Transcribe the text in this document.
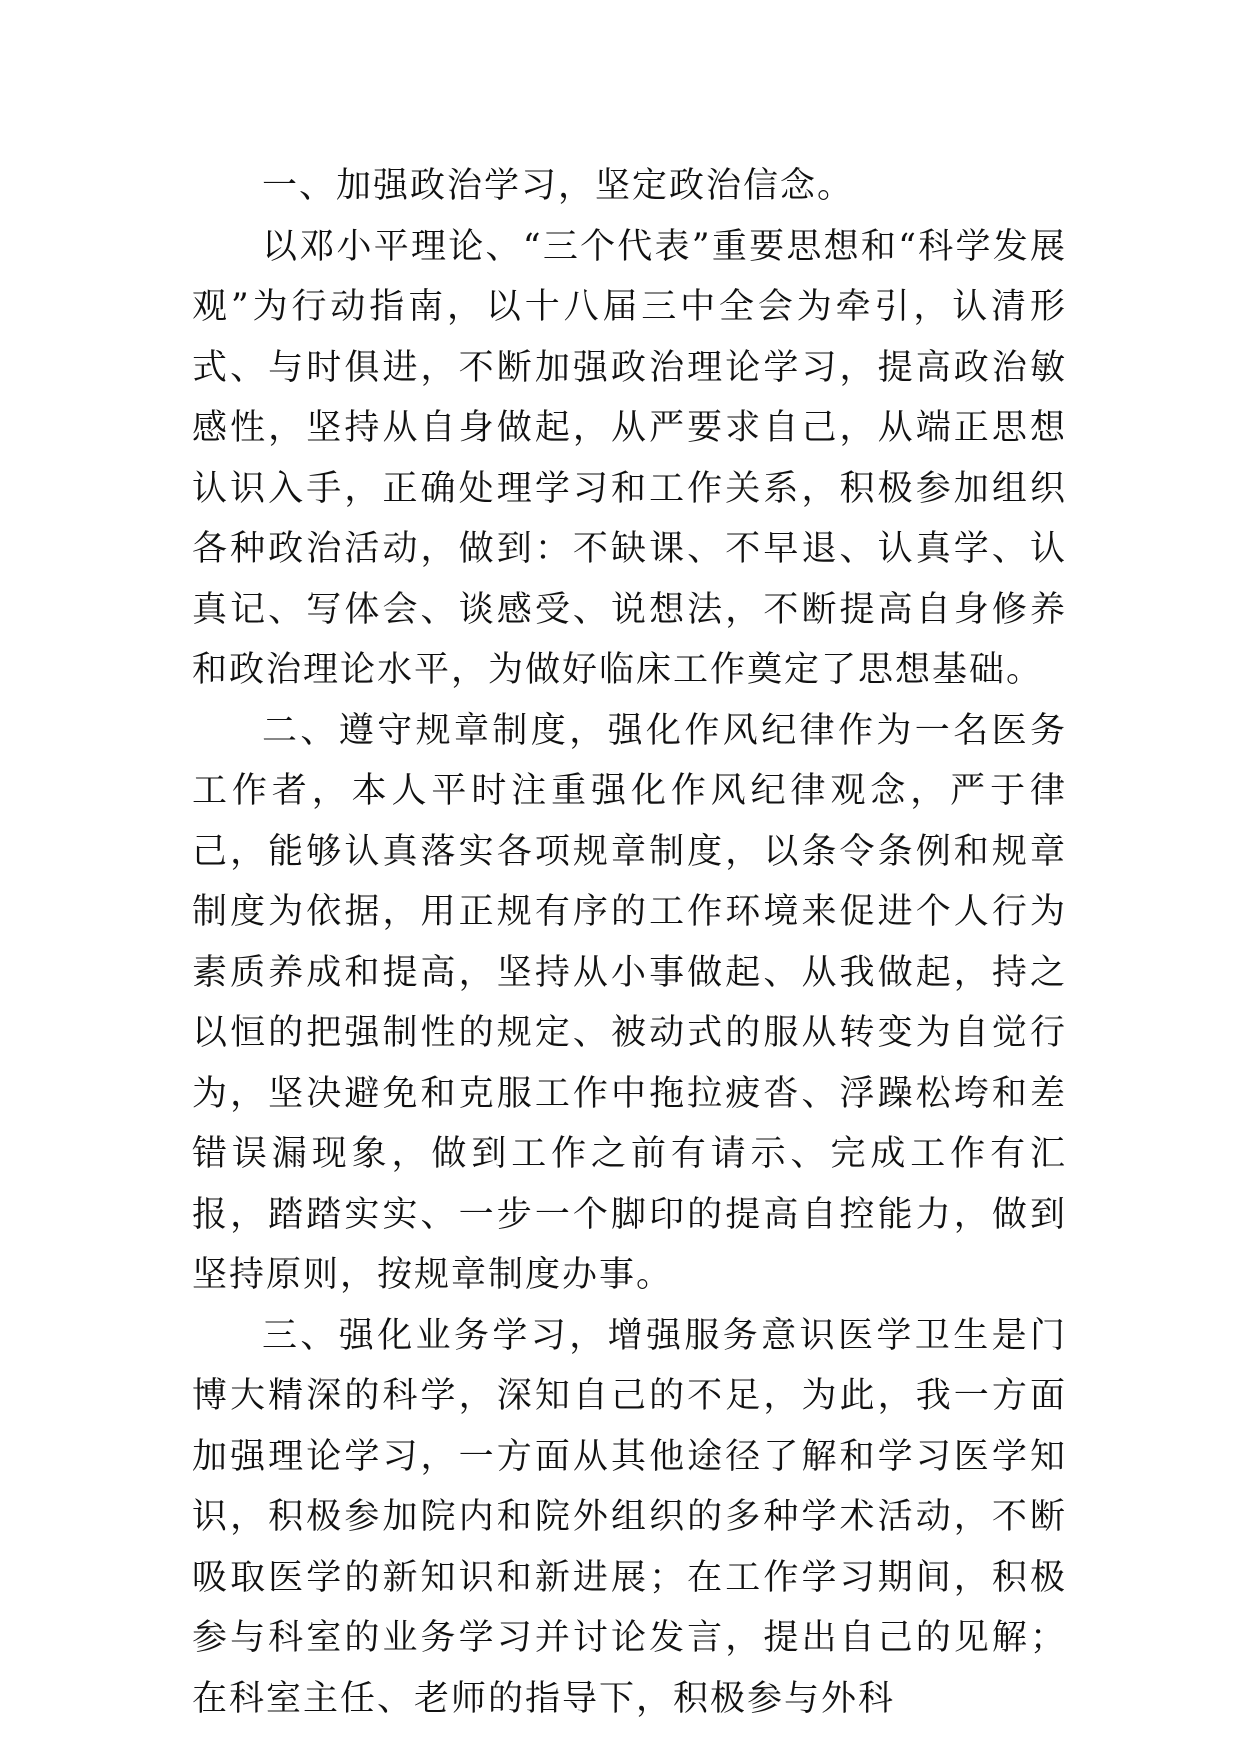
一、加强政治学习，坚定政治信念。

以邓小平理论、“三个代表”重要思想和“科学发展观”为行动指南，以十八届三中全会为牵引，认清形式、与时俱进，不断加强政治理论学习，提高政治敏感性，坚持从自身做起，从严要求自己，从端正思想认识入手，正确处理学习和工作关系，积极参加组织各种政治活动，做到：不缺课、不早退、认真学、认真记、写体会、谈感受、说想法，不断提高自身修养和政治理论水平，为做好临床工作奠定了思想基础。

二、遵守规章制度，强化作风纪律作为一名医务工作者，本人平时注重强化作风纪律观念，严于律己，能够认真落实各项规章制度，以条令条例和规章制度为依据，用正规有序的工作环境来促进个人行为素质养成和提高，坚持从小事做起、从我做起，持之以恒的把强制性的规定、被动式的服从转变为自觉行为，坚决避免和克服工作中拖拉疲沓、浮躁松垮和差错误漏现象，做到工作之前有请示、完成工作有汇报，踏踏实实、一步一个脚印的提高自控能力，做到坚持原则，按规章制度办事。

三、强化业务学习，增强服务意识医学卫生是门博大精深的科学，深知自己的不足，为此，我一方面加强理论学习，一方面从其他途径了解和学习医学知识，积极参加院内和院外组织的多种学术活动，不断吸取医学的新知识和新进展；在工作学习期间，积极参与科室的业务学习并讨论发言，提出自己的见解；在科室主任、老师的指导下，积极参与外科
